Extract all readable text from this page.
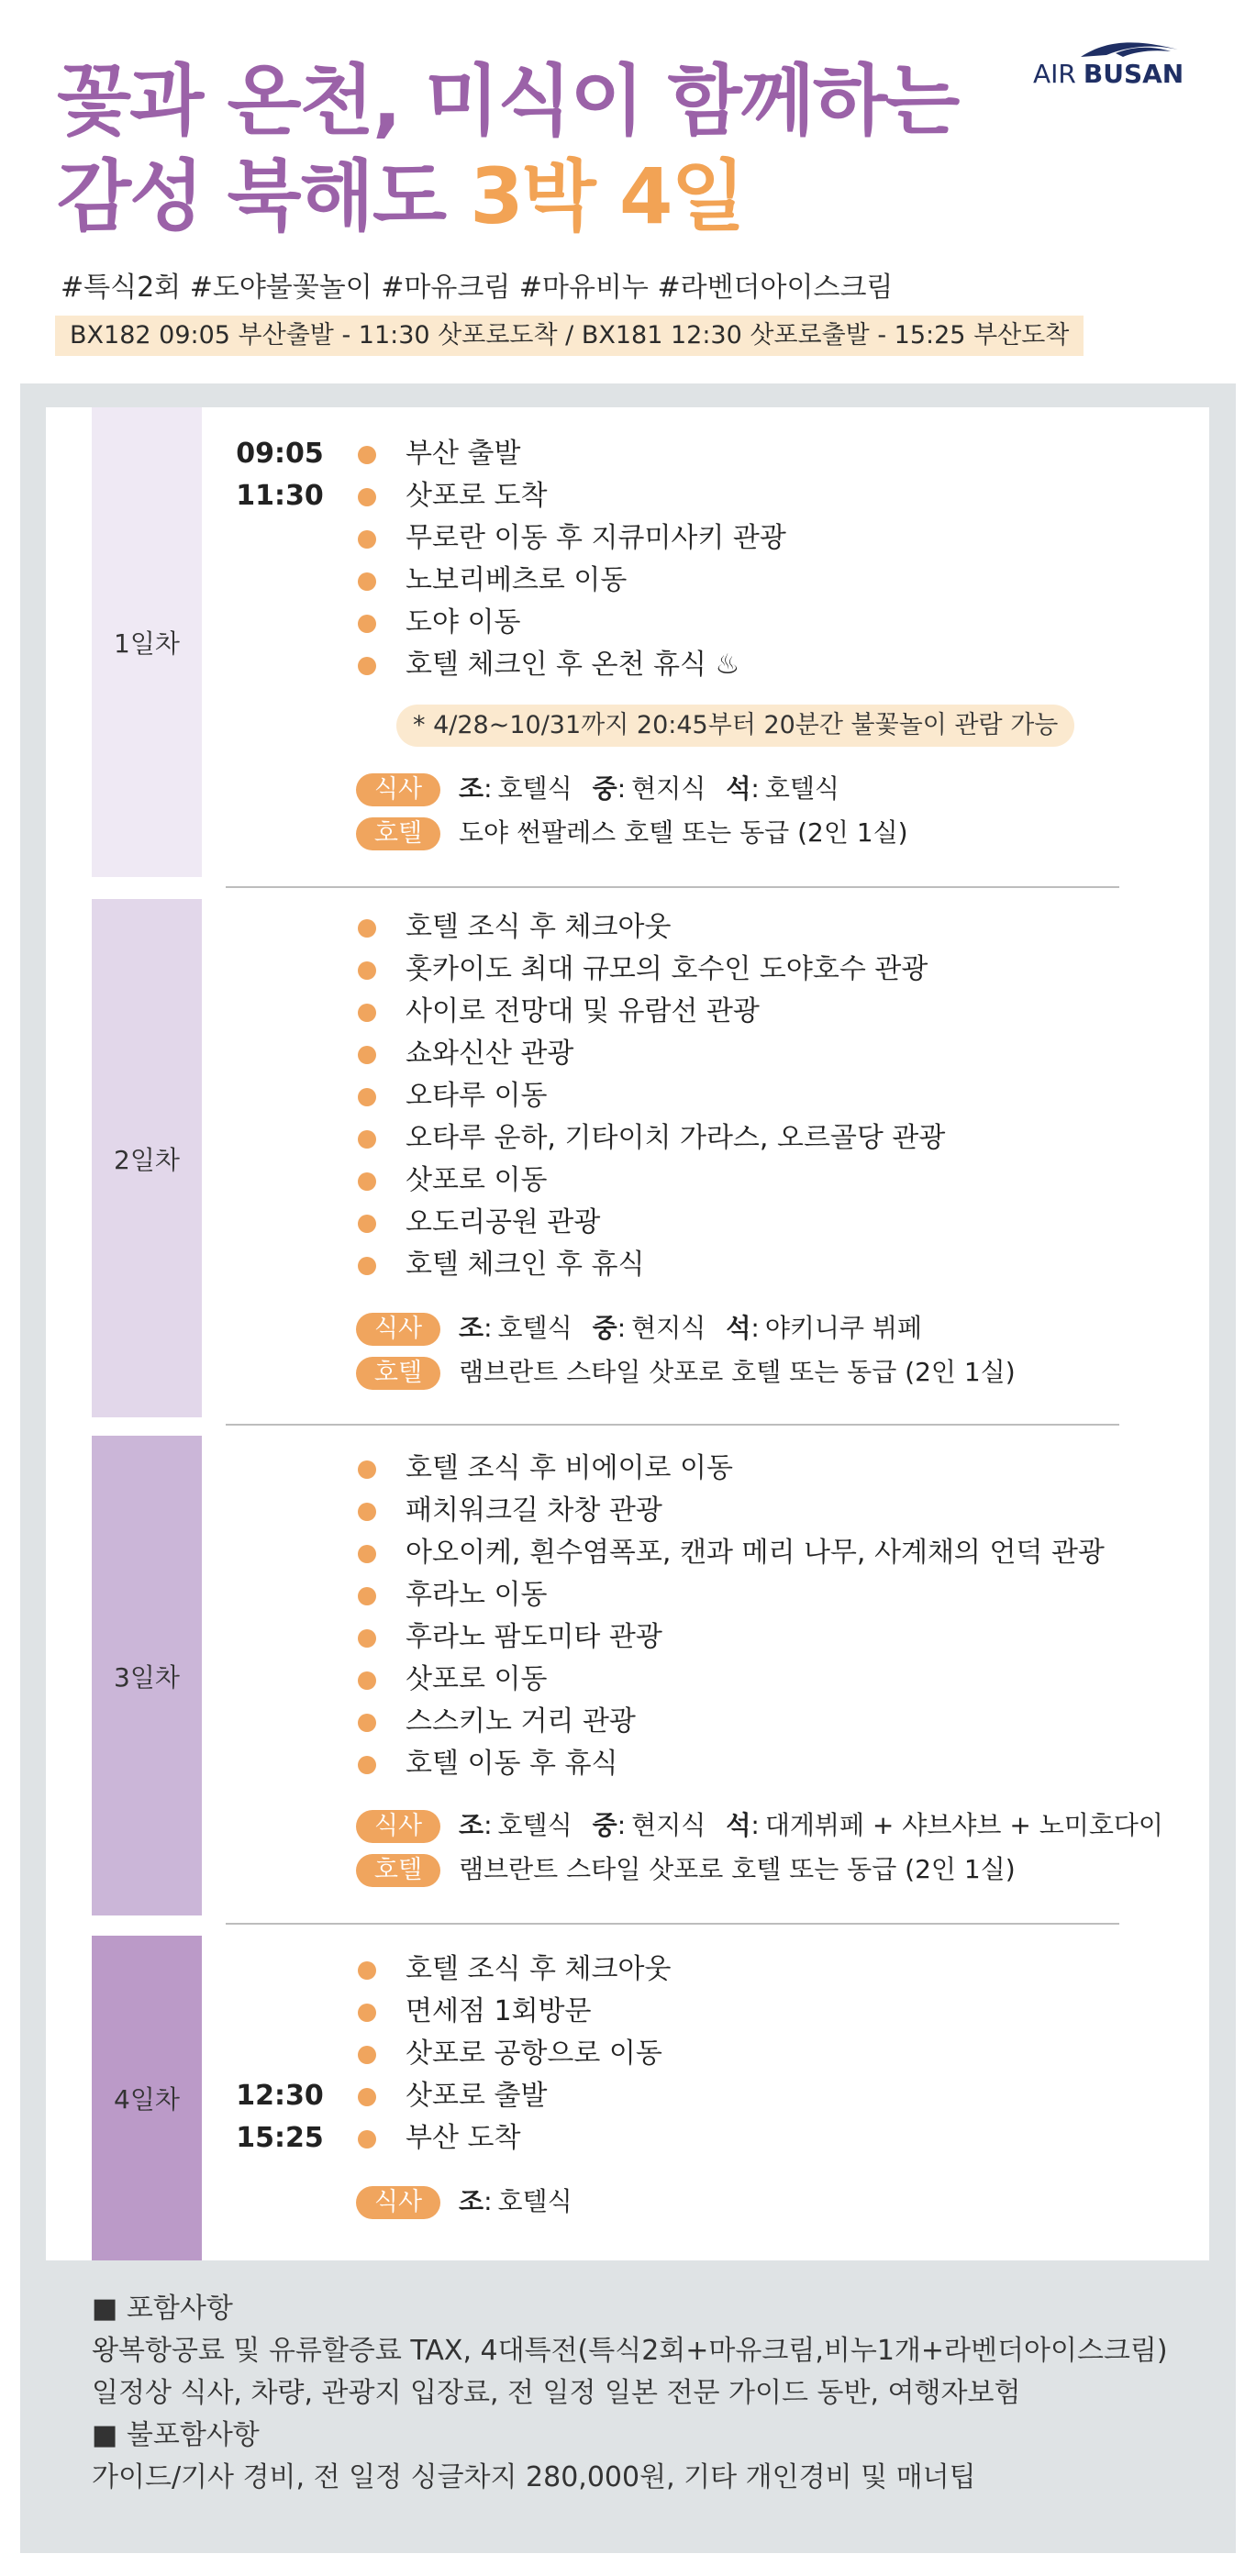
꽃과 온천, 미식이 함께하는
감성 북해도 3박 4일
AIR BUSAN
#특식2회 #도야불꽃놀이 #마유크림 #마유비누 #라벤더아이스크림
BX182 09:05 부산출발 - 11:30 삿포로도착 / BX181 12:30 삿포로출발 - 15:25 부산도착
1일차
09:05
11:30
부산 출발
삿포로 도착
무로란 이동 후 지큐미사키 관광
노보리베츠로 이동
도야 이동
호텔 체크인 후 온천 휴식 ♨
* 4/28~10/31까지 20:45부터 20분간 불꽃놀이 관람 가능
식사 조: 호텔식 중: 현지식 석: 호텔식
호텔 도야 썬팔레스 호텔 또는 동급 (2인 1실)
2일차
호텔 조식 후 체크아웃
홋카이도 최대 규모의 호수인 도야호수 관광
사이로 전망대 및 유람선 관광
쇼와신산 관광
오타루 이동
오타루 운하, 기타이치 가라스, 오르골당 관광
삿포로 이동
오도리공원 관광
호텔 체크인 후 휴식
식사 조: 호텔식 중: 현지식 석: 야키니쿠 뷔페
호텔 램브란트 스타일 삿포로 호텔 또는 동급 (2인 1실)
3일차
호텔 조식 후 비에이로 이동
패치워크길 차창 관광
아오이케, 흰수염폭포, 캔과 메리 나무, 사계채의 언덕 관광
후라노 이동
후라노 팜도미타 관광
삿포로 이동
스스키노 거리 관광
호텔 이동 후 휴식
식사 조: 호텔식 중: 현지식 석: 대게뷔페 + 샤브샤브 + 노미호다이
호텔 램브란트 스타일 삿포로 호텔 또는 동급 (2인 1실)
4일차 12:30
15:25
호텔 조식 후 체크아웃
면세점 1회방문
삿포로 공항으로 이동
삿포로 출발
부산 도착
식사 조: 호텔식
■ 포함사항
왕복항공료 및 유류할증료 TAX, 4대특전(특식2회+마유크림,비누1개+라벤더아이스크림)
일정상 식사, 차량, 관광지 입장료, 전 일정 일본 전문 가이드 동반, 여행자보험
■ 불포함사항
가이드/기사 경비, 전 일정 싱글차지 280,000원, 기타 개인경비 및 매너팁
